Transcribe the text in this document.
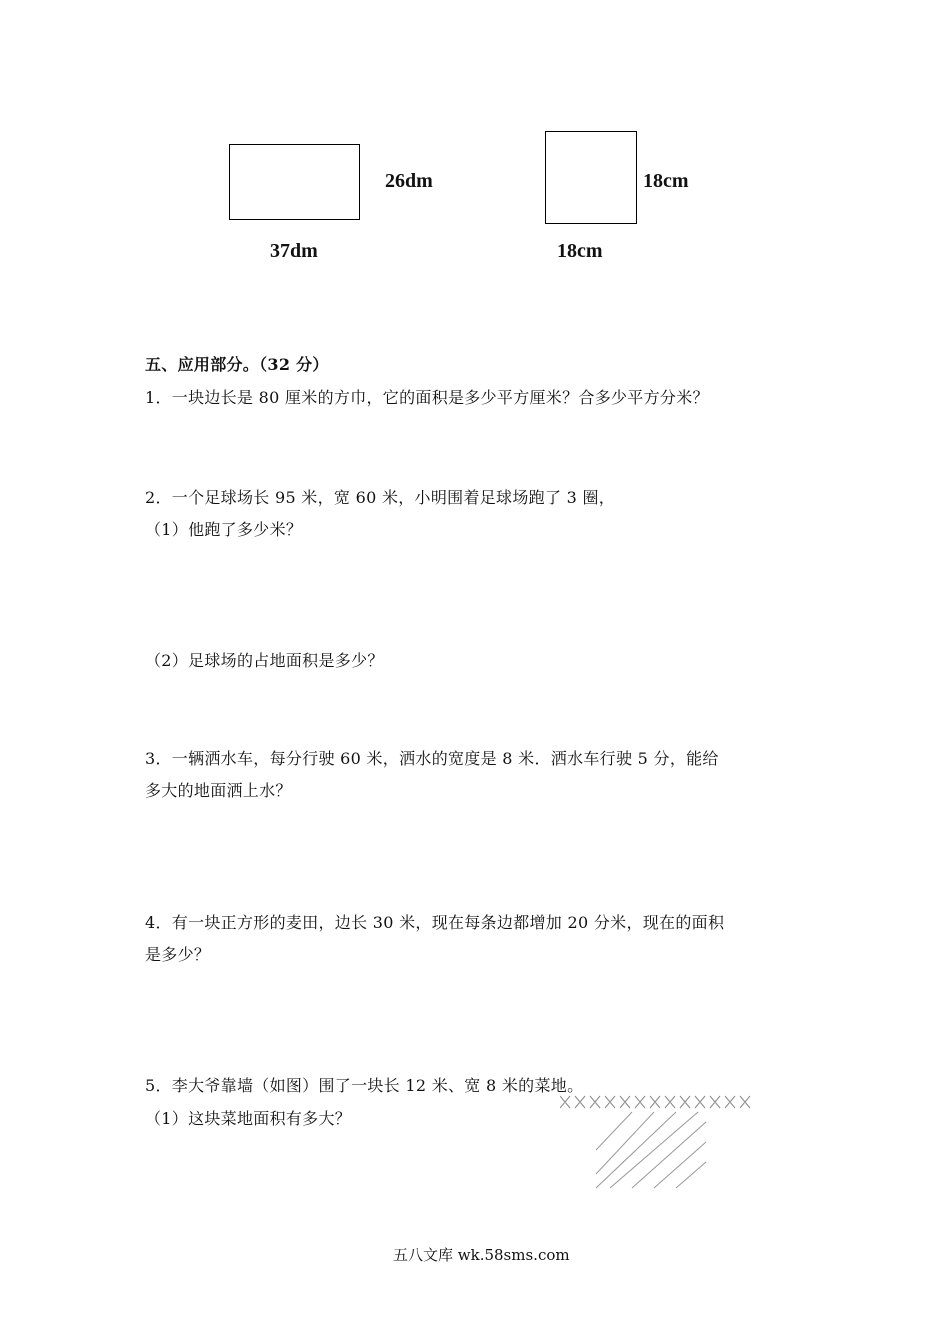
26dm
37dm
18cm
18cm
五、应用部分。（32 分）
1．一块边长是 80 厘米的方巾，它的面积是多少平方厘米？合多少平方分米？
2．一个足球场长 95 米，宽 60 米，小明围着足球场跑了 3 圈，
（1）他跑了多少米？
（2）足球场的占地面积是多少？
3．一辆洒水车，每分行驶 60 米，洒水的宽度是 8 米．洒水车行驶 5 分，能给
多大的地面洒上水？
4．有一块正方形的麦田，边长 30 米，现在每条边都增加 20 分米，现在的面积
是多少？
5．李大爷靠墙（如图）围了一块长 12 米、宽 8 米的菜地。
（1）这块菜地面积有多大？
五八文库 wk.58sms.com
